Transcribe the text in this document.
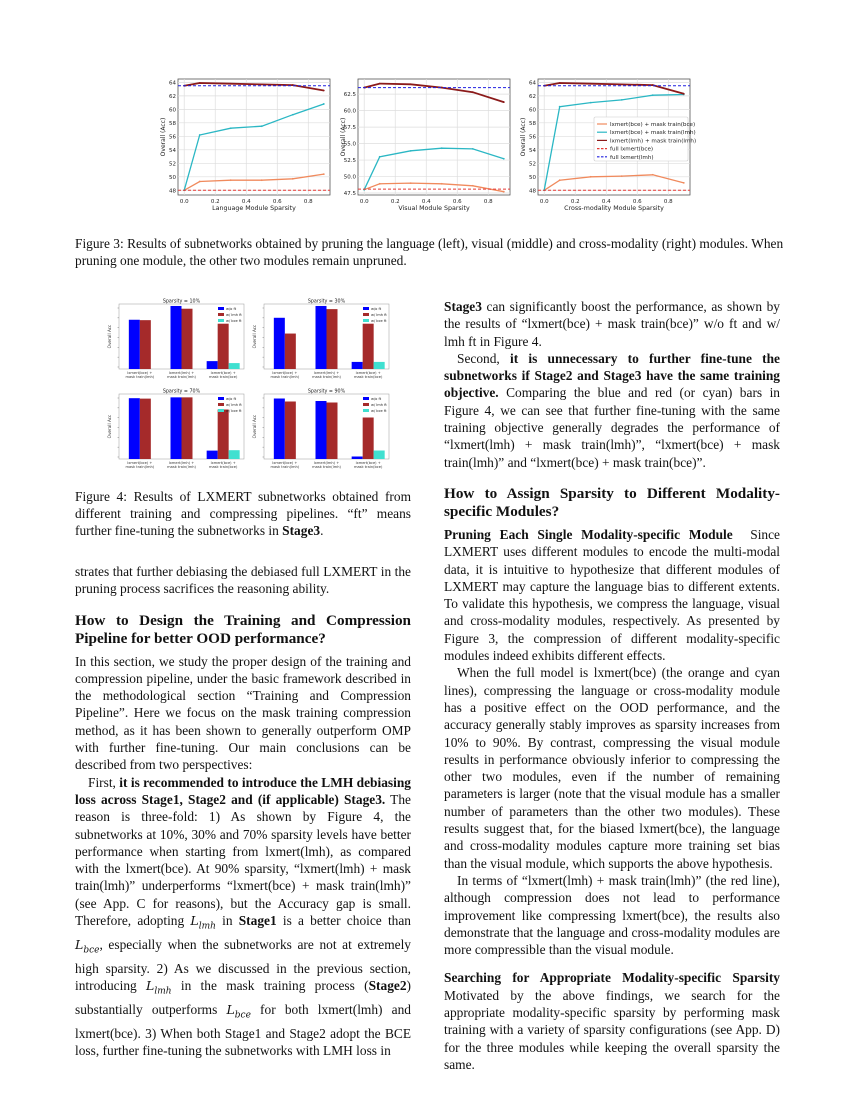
0.0	0.2	0.4	0.6	0.8
48
50
52
54
56
58
60
62
64
Language Module Sparsity
Overall (Acc)
0.0	0.2	0.4	0.6	0.8
47.5
50.0
52.5
55.0
57.5
60.0
62.5
Visual Module Sparsity
Overall (Acc)
0.0	0.2	0.4	0.6	0.8
48
50
52
54
56
58
60
62
64
Cross-modality Module Sparsity
Overall (Acc)	lxmert(bce) + mask train(bce)
lxmert(bce) + mask train(lmh)
lxmert(lmh) + mask train(lmh)
full lxmert(bce)
full lxmert(lmh)
Figure 3: Results of subnetworks obtained by pruning the language (left), visual (middle) and cross-modality (right) modules. When pruning one module, the other two modules remain unpruned.
Sparsity = 10%
Overall Acc
lxmert(bce) +
mask train(lmh)
lxmert(lmh) +
mask train(lmh)
lxmert(bce) +
mask train(bce)
w/o ft
w/ lmh ft
w/ bce ft
Sparsity = 30%
Overall Acc
lxmert(bce) +
mask train(lmh)
lxmert(lmh) +
mask train(lmh)
lxmert(bce) +
mask train(bce)
w/o ft
w/ lmh ft
w/ bce ft
Sparsity = 70%
Overall Acc
lxmert(bce) +
mask train(lmh)
lxmert(lmh) +
mask train(lmh)
lxmert(bce) +
mask train(bce)
w/o ft
w/ lmh ft
w/ bce ft
Sparsity = 90%
Overall Acc
lxmert(bce) +
mask train(lmh)
lxmert(lmh) +
mask train(lmh)
lxmert(bce) +
mask train(bce)
w/o ft
w/ lmh ft
w/ bce ft
Figure 4: Results of LXMERT subnetworks obtained from different training and compressing pipelines. “ft” means further fine-tuning the subnetworks in Stage3.

strates that further debiasing the debiased full LXMERT in the pruning process sacrifices the reasoning ability.

How to Design the Training and Compression Pipeline for better OOD performance?

In this section, we study the proper design of the training and compression pipeline, under the basic framework described in the methodological section “Training and Compression Pipeline”. Here we focus on the mask training compression method, as it has been shown to generally outperform OMP with further fine-tuning. Our main conclusions can be described from two perspectives:

First, it is recommended to introduce the LMH debiasing loss across Stage1, Stage2 and (if applicable) Stage3. The reason is three-fold: 1) As shown by Figure 4, the subnetworks at 10%, 30% and 70% sparsity levels have better performance when starting from lxmert(lmh), as compared with the lxmert(bce). At 90% sparsity, “lxmert(lmh) + mask train(lmh)” underperforms “lxmert(bce) + mask train(lmh)” (see App. C for reasons), but the Accuracy gap is small. Therefore, adopting $L_{lmh}$ in Stage1 is a better choice than $L_{bce}$, especially when the subnetworks are not at extremely high sparsity. 2) As we discussed in the previous section, introducing $L_{lmh}$ in the mask training process (Stage2) substantially outperforms $L_{bce}$ for both lxmert(lmh) and lxmert(bce). 3) When both Stage1 and Stage2 adopt the BCE loss, further fine-tuning the subnetworks with LMH loss in

Stage3 can significantly boost the performance, as shown by the results of “lxmert(bce) + mask train(bce)” w/o ft and w/ lmh ft in Figure 4.

Second, it is unnecessary to further fine-tune the subnetworks if Stage2 and Stage3 have the same training objective. Comparing the blue and red (or cyan) bars in Figure 4, we can see that further fine-tuning with the same training objective generally degrades the performance of “lxmert(lmh) + mask train(lmh)”, “lxmert(bce) + mask train(lmh)” and “lxmert(bce) + mask train(bce)”.

How to Assign Sparsity to Different Modality-specific Modules?

Pruning Each Single Modality-specific Module  Since LXMERT uses different modules to encode the multi-modal data, it is intuitive to hypothesize that different modules of LXMERT may capture the language bias to different extents. To validate this hypothesis, we compress the language, visual and cross-modality modules, respectively. As presented by Figure 3, the compression of different modality-specific modules indeed exhibits different effects.

When the full model is lxmert(bce) (the orange and cyan lines), compressing the language or cross-modality module has a positive effect on the OOD performance, and the accuracy generally stably improves as sparsity increases from 10% to 90%. By contrast, compressing the visual module results in performance obviously inferior to compressing the other two modules, even if the number of remaining parameters is larger (note that the visual module has a smaller number of parameters than the other two modules). These results suggest that, for the biased lxmert(bce), the language and cross-modality modules capture more training set bias than the visual module, which supports the above hypothesis.

In terms of “lxmert(lmh) + mask train(lmh)” (the red line), although compression does not lead to performance improvement like compressing lxmert(bce), the results also demonstrate that the language and cross-modality modules are more compressible than the visual module.

Searching for Appropriate Modality-specific Sparsity Motivated by the above findings, we search for the appropriate modality-specific sparsity by performing mask training with a variety of sparsity configurations (see App. D) for the three modules while keeping the overall sparsity the same.
